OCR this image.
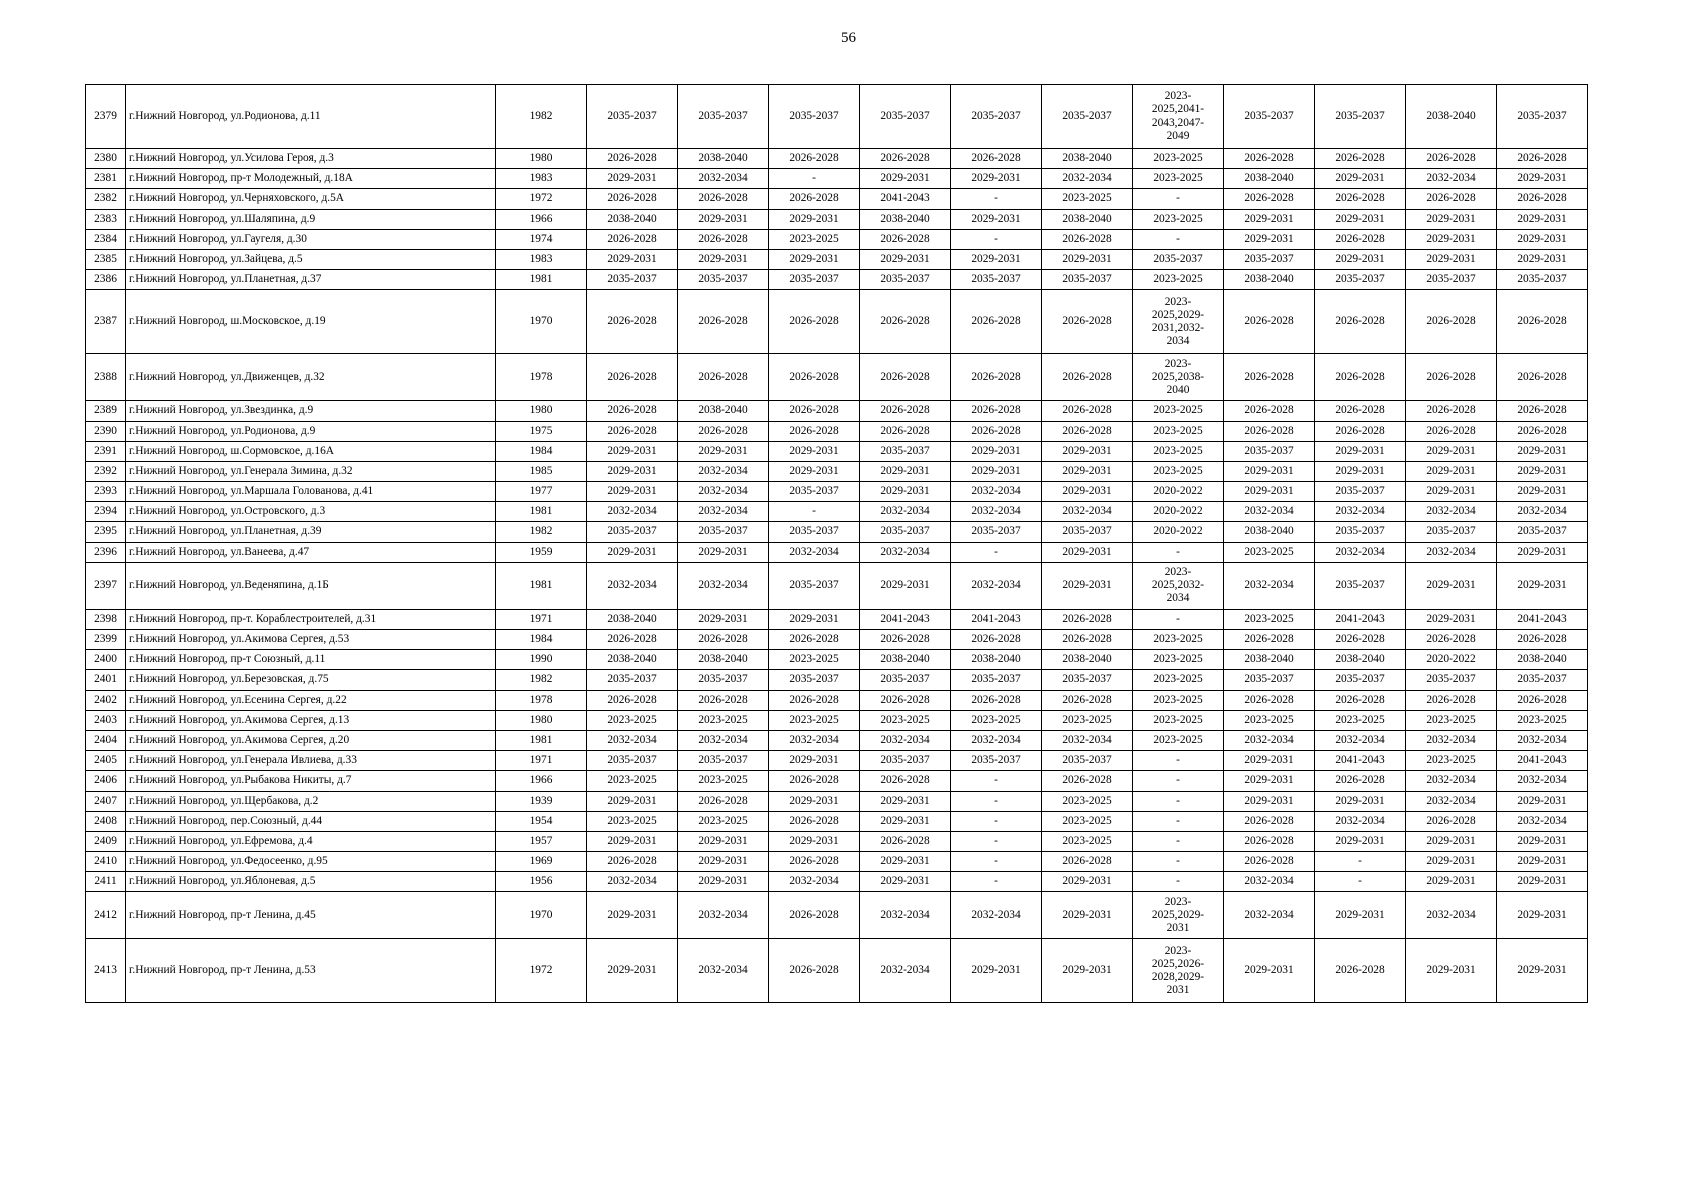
56
2379	г.Нижний Новгород, ул.Родионова, д.11	1982	2035-2037	2035-2037	2035-2037	2035-2037	2035-2037	2035-2037	2023-
2025,2041-
2043,2047-
2049	2035-2037	2035-2037	2038-2040	2035-2037
2380	г.Нижний Новгород, ул.Усилова Героя, д.3	1980	2026-2028	2038-2040	2026-2028	2026-2028	2026-2028	2038-2040	2023-2025	2026-2028	2026-2028	2026-2028	2026-2028
2381	г.Нижний Новгород, пр-т Молодежный, д.18А	1983	2029-2031	2032-2034	-	2029-2031	2029-2031	2032-2034	2023-2025	2038-2040	2029-2031	2032-2034	2029-2031
2382	г.Нижний Новгород, ул.Черняховского, д.5А	1972	2026-2028	2026-2028	2026-2028	2041-2043	-	2023-2025	-	2026-2028	2026-2028	2026-2028	2026-2028
2383	г.Нижний Новгород, ул.Шаляпина, д.9	1966	2038-2040	2029-2031	2029-2031	2038-2040	2029-2031	2038-2040	2023-2025	2029-2031	2029-2031	2029-2031	2029-2031
2384	г.Нижний Новгород, ул.Гаугеля, д.30	1974	2026-2028	2026-2028	2023-2025	2026-2028	-	2026-2028	-	2029-2031	2026-2028	2029-2031	2029-2031
2385	г.Нижний Новгород, ул.Зайцева, д.5	1983	2029-2031	2029-2031	2029-2031	2029-2031	2029-2031	2029-2031	2035-2037	2035-2037	2029-2031	2029-2031	2029-2031
2386	г.Нижний Новгород, ул.Планетная, д.37	1981	2035-2037	2035-2037	2035-2037	2035-2037	2035-2037	2035-2037	2023-2025	2038-2040	2035-2037	2035-2037	2035-2037
2387	г.Нижний Новгород, ш.Московское, д.19	1970	2026-2028	2026-2028	2026-2028	2026-2028	2026-2028	2026-2028	2023-
2025,2029-
2031,2032-
2034	2026-2028	2026-2028	2026-2028	2026-2028
2388	г.Нижний Новгород, ул.Движенцев, д.32	1978	2026-2028	2026-2028	2026-2028	2026-2028	2026-2028	2026-2028	2023-
2025,2038-
2040	2026-2028	2026-2028	2026-2028	2026-2028
2389	г.Нижний Новгород, ул.Звездинка, д.9	1980	2026-2028	2038-2040	2026-2028	2026-2028	2026-2028	2026-2028	2023-2025	2026-2028	2026-2028	2026-2028	2026-2028
2390	г.Нижний Новгород, ул.Родионова, д.9	1975	2026-2028	2026-2028	2026-2028	2026-2028	2026-2028	2026-2028	2023-2025	2026-2028	2026-2028	2026-2028	2026-2028
2391	г.Нижний Новгород, ш.Сормовское, д.16А	1984	2029-2031	2029-2031	2029-2031	2035-2037	2029-2031	2029-2031	2023-2025	2035-2037	2029-2031	2029-2031	2029-2031
2392	г.Нижний Новгород, ул.Генерала Зимина, д.32	1985	2029-2031	2032-2034	2029-2031	2029-2031	2029-2031	2029-2031	2023-2025	2029-2031	2029-2031	2029-2031	2029-2031
2393	г.Нижний Новгород, ул.Маршала Голованова, д.41	1977	2029-2031	2032-2034	2035-2037	2029-2031	2032-2034	2029-2031	2020-2022	2029-2031	2035-2037	2029-2031	2029-2031
2394	г.Нижний Новгород, ул.Островского, д.3	1981	2032-2034	2032-2034	-	2032-2034	2032-2034	2032-2034	2020-2022	2032-2034	2032-2034	2032-2034	2032-2034
2395	г.Нижний Новгород, ул.Планетная, д.39	1982	2035-2037	2035-2037	2035-2037	2035-2037	2035-2037	2035-2037	2020-2022	2038-2040	2035-2037	2035-2037	2035-2037
2396	г.Нижний Новгород, ул.Ванеева, д.47	1959	2029-2031	2029-2031	2032-2034	2032-2034	-	2029-2031	-	2023-2025	2032-2034	2032-2034	2029-2031
2397	г.Нижний Новгород, ул.Веденяпина, д.1Б	1981	2032-2034	2032-2034	2035-2037	2029-2031	2032-2034	2029-2031	2023-
2025,2032-
2034	2032-2034	2035-2037	2029-2031	2029-2031
2398	г.Нижний Новгород, пр-т. Кораблестроителей, д.31	1971	2038-2040	2029-2031	2029-2031	2041-2043	2041-2043	2026-2028	-	2023-2025	2041-2043	2029-2031	2041-2043
2399	г.Нижний Новгород, ул.Акимова Сергея, д.53	1984	2026-2028	2026-2028	2026-2028	2026-2028	2026-2028	2026-2028	2023-2025	2026-2028	2026-2028	2026-2028	2026-2028
2400	г.Нижний Новгород, пр-т Союзный, д.11	1990	2038-2040	2038-2040	2023-2025	2038-2040	2038-2040	2038-2040	2023-2025	2038-2040	2038-2040	2020-2022	2038-2040
2401	г.Нижний Новгород, ул.Березовская, д.75	1982	2035-2037	2035-2037	2035-2037	2035-2037	2035-2037	2035-2037	2023-2025	2035-2037	2035-2037	2035-2037	2035-2037
2402	г.Нижний Новгород, ул.Есенина Сергея, д.22	1978	2026-2028	2026-2028	2026-2028	2026-2028	2026-2028	2026-2028	2023-2025	2026-2028	2026-2028	2026-2028	2026-2028
2403	г.Нижний Новгород, ул.Акимова Сергея, д.13	1980	2023-2025	2023-2025	2023-2025	2023-2025	2023-2025	2023-2025	2023-2025	2023-2025	2023-2025	2023-2025	2023-2025
2404	г.Нижний Новгород, ул.Акимова Сергея, д.20	1981	2032-2034	2032-2034	2032-2034	2032-2034	2032-2034	2032-2034	2023-2025	2032-2034	2032-2034	2032-2034	2032-2034
2405	г.Нижний Новгород, ул.Генерала Ивлиева, д.33	1971	2035-2037	2035-2037	2029-2031	2035-2037	2035-2037	2035-2037	-	2029-2031	2041-2043	2023-2025	2041-2043
2406	г.Нижний Новгород, ул.Рыбакова Никиты, д.7	1966	2023-2025	2023-2025	2026-2028	2026-2028	-	2026-2028	-	2029-2031	2026-2028	2032-2034	2032-2034
2407	г.Нижний Новгород, ул.Щербакова, д.2	1939	2029-2031	2026-2028	2029-2031	2029-2031	-	2023-2025	-	2029-2031	2029-2031	2032-2034	2029-2031
2408	г.Нижний Новгород, пер.Союзный, д.44	1954	2023-2025	2023-2025	2026-2028	2029-2031	-	2023-2025	-	2026-2028	2032-2034	2026-2028	2032-2034
2409	г.Нижний Новгород, ул.Ефремова, д.4	1957	2029-2031	2029-2031	2029-2031	2026-2028	-	2023-2025	-	2026-2028	2029-2031	2029-2031	2029-2031
2410	г.Нижний Новгород, ул.Федосеенко, д.95	1969	2026-2028	2029-2031	2026-2028	2029-2031	-	2026-2028	-	2026-2028	-	2029-2031	2029-2031
2411	г.Нижний Новгород, ул.Яблоневая, д.5	1956	2032-2034	2029-2031	2032-2034	2029-2031	-	2029-2031	-	2032-2034	-	2029-2031	2029-2031
2412	г.Нижний Новгород, пр-т Ленина, д.45	1970	2029-2031	2032-2034	2026-2028	2032-2034	2032-2034	2029-2031	2023-
2025,2029-
2031	2032-2034	2029-2031	2032-2034	2029-2031
2413	г.Нижний Новгород, пр-т Ленина, д.53	1972	2029-2031	2032-2034	2026-2028	2032-2034	2029-2031	2029-2031	2023-
2025,2026-
2028,2029-
2031	2029-2031	2026-2028	2029-2031	2029-2031
